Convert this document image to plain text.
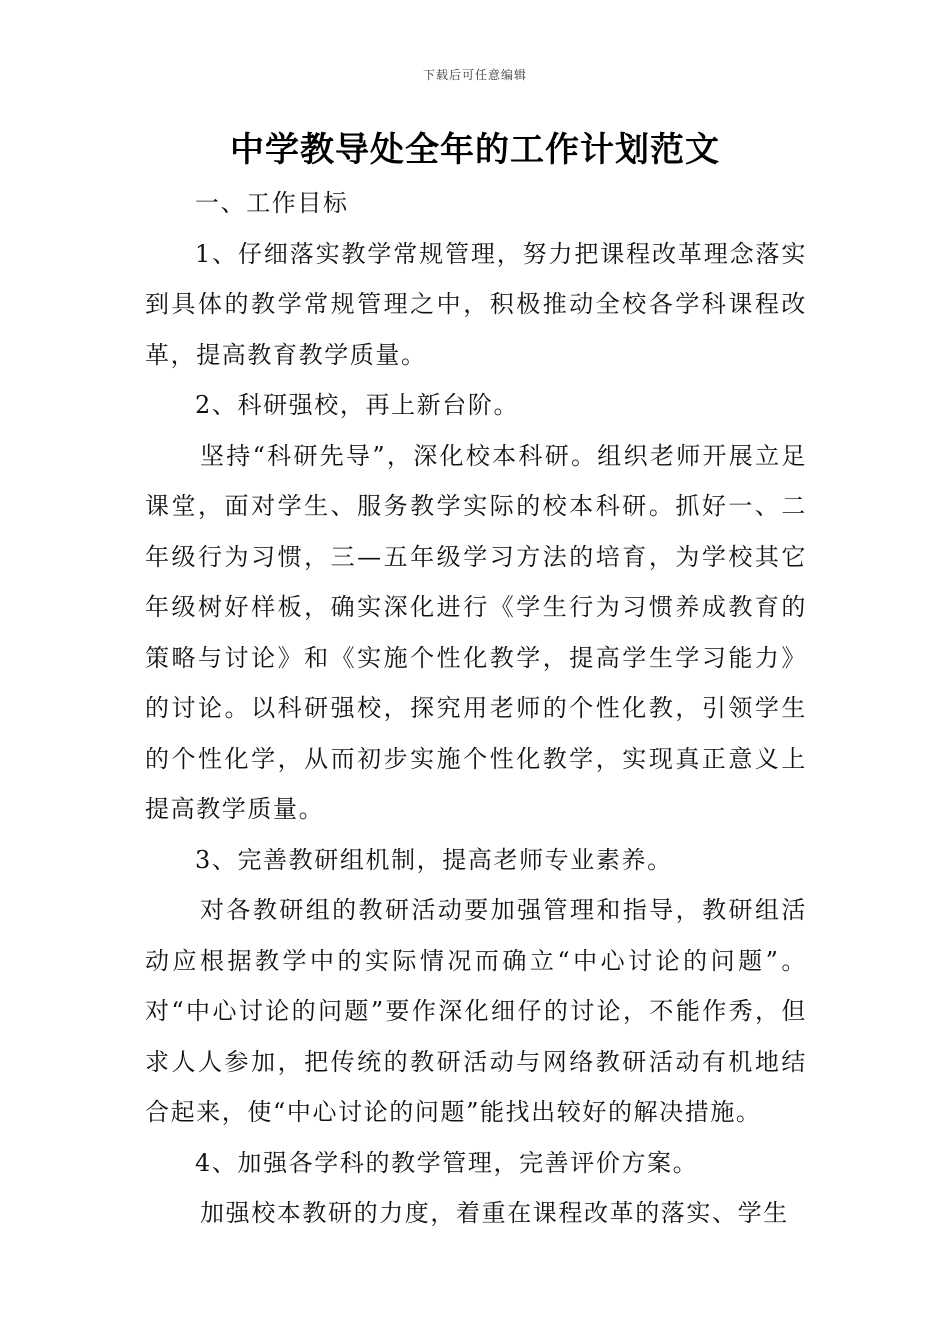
下载后可任意编辑
中学教导处全年的工作计划范文

一、工作目标

1、仔细落实教学常规管理，努力把课程改革理念落实到具体的教学常规管理之中，积极推动全校各学科课程改革，提高教育教学质量。

2、科研强校，再上新台阶。

坚持“科研先导”，深化校本科研。组织老师开展立足课堂，面对学生、服务教学实际的校本科研。抓好一、二年级行为习惯，三—五年级学习方法的培育，为学校其它年级树好样板，确实深化进行《学生行为习惯养成教育的策略与讨论》和《实施个性化教学，提高学生学习能力》的讨论。以科研强校，探究用老师的个性化教，引领学生的个性化学，从而初步实施个性化教学，实现真正意义上提高教学质量。

3、完善教研组机制，提高老师专业素养。

对各教研组的教研活动要加强管理和指导，教研组活动应根据教学中的实际情况而确立“中心讨论的问题”。对“中心讨论的问题”要作深化细仔的讨论，不能作秀，但求人人参加，把传统的教研活动与网络教研活动有机地结合起来，使“中心讨论的问题”能找出较好的解决措施。

4、加强各学科的教学管理，完善评价方案。

加强校本教研的力度，着重在课程改革的落实、学生
